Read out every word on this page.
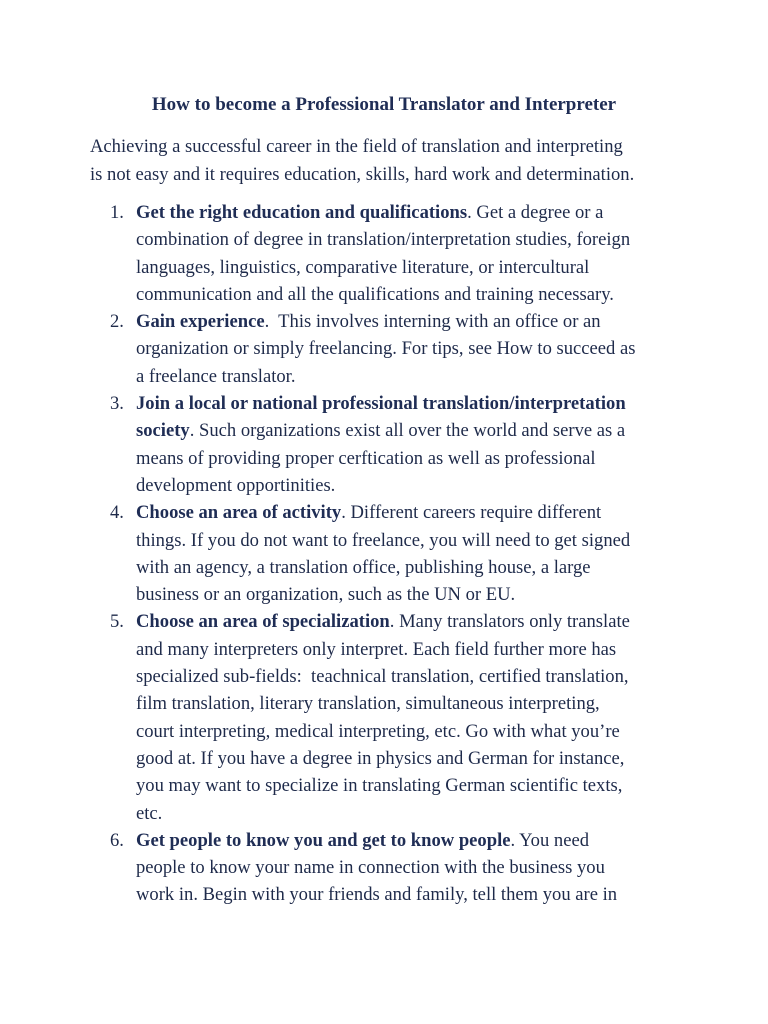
How to become a Professional Translator and Interpreter
Achieving a successful career in the field of translation and interpreting
is not easy and it requires education, skills, hard work and determination.
1. Get the right education and qualifications. Get a degree or a
combination of degree in translation/interpretation studies, foreign
languages, linguistics, comparative literature, or intercultural
communication and all the qualifications and training necessary.
2. Gain experience.  This involves interning with an office or an
organization or simply freelancing. For tips, see How to succeed as
a freelance translator.
3. Join a local or national professional translation/interpretation
society. Such organizations exist all over the world and serve as a
means of providing proper cerftication as well as professional
development opportinities.
4. Choose an area of activity. Different careers require different
things. If you do not want to freelance, you will need to get signed
with an agency, a translation office, publishing house, a large
business or an organization, such as the UN or EU.
5. Choose an area of specialization. Many translators only translate
and many interpreters only interpret. Each field further more has
specialized sub-fields:  teachnical translation, certified translation,
film translation, literary translation, simultaneous interpreting,
court interpreting, medical interpreting, etc. Go with what you’re
good at. If you have a degree in physics and German for instance,
you may want to specialize in translating German scientific texts,
etc.
6. Get people to know you and get to know people. You need
people to know your name in connection with the business you
work in. Begin with your friends and family, tell them you are in
